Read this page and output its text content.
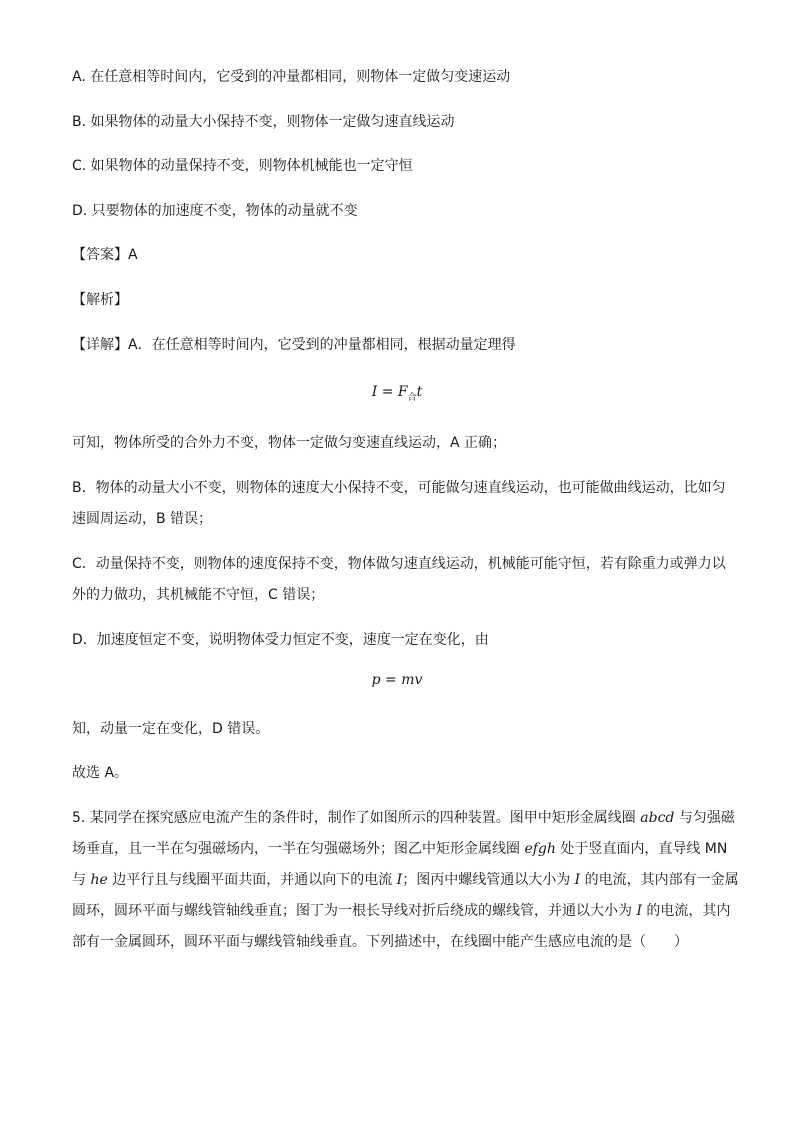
A. 在任意相等时间内，它受到的冲量都相同，则物体一定做匀变速运动
B. 如果物体的动量大小保持不变，则物体一定做匀速直线运动
C. 如果物体的动量保持不变，则物体机械能也一定守恒
D. 只要物体的加速度不变，物体的动量就不变
【答案】A
【解析】
【详解】A．在任意相等时间内，它受到的冲量都相同，根据动量定理得
$I = F_合t$
可知，物体所受的合外力不变，物体一定做匀变速直线运动，A 正确；
B．物体的动量大小不变，则物体的速度大小保持不变，可能做匀速直线运动，也可能做曲线运动，比如匀
速圆周运动，B 错误；
C．动量保持不变，则物体的速度保持不变，物体做匀速直线运动，机械能可能守恒，若有除重力或弹力以
外的力做功，其机械能不守恒，C 错误；
D．加速度恒定不变，说明物体受力恒定不变，速度一定在变化，由
p = mv
知，动量一定在变化，D 错误。
故选 A。
5. 某同学在探究感应电流产生的条件时，制作了如图所示的四种装置。图甲中矩形金属线圈 abcd 与匀强磁
场垂直，且一半在匀强磁场内，一半在匀强磁场外；图乙中矩形金属线圈 efgh 处于竖直面内，直导线 MN
与 he 边平行且与线圈平面共面，并通以向下的电流 I；图丙中螺线管通以大小为 I 的电流，其内部有一金属
圆环，圆环平面与螺线管轴线垂直；图丁为一根长导线对折后绕成的螺线管，并通以大小为 I 的电流，其内
部有一金属圆环，圆环平面与螺线管轴线垂直。下列描述中，在线圈中能产生感应电流的是（　　）
